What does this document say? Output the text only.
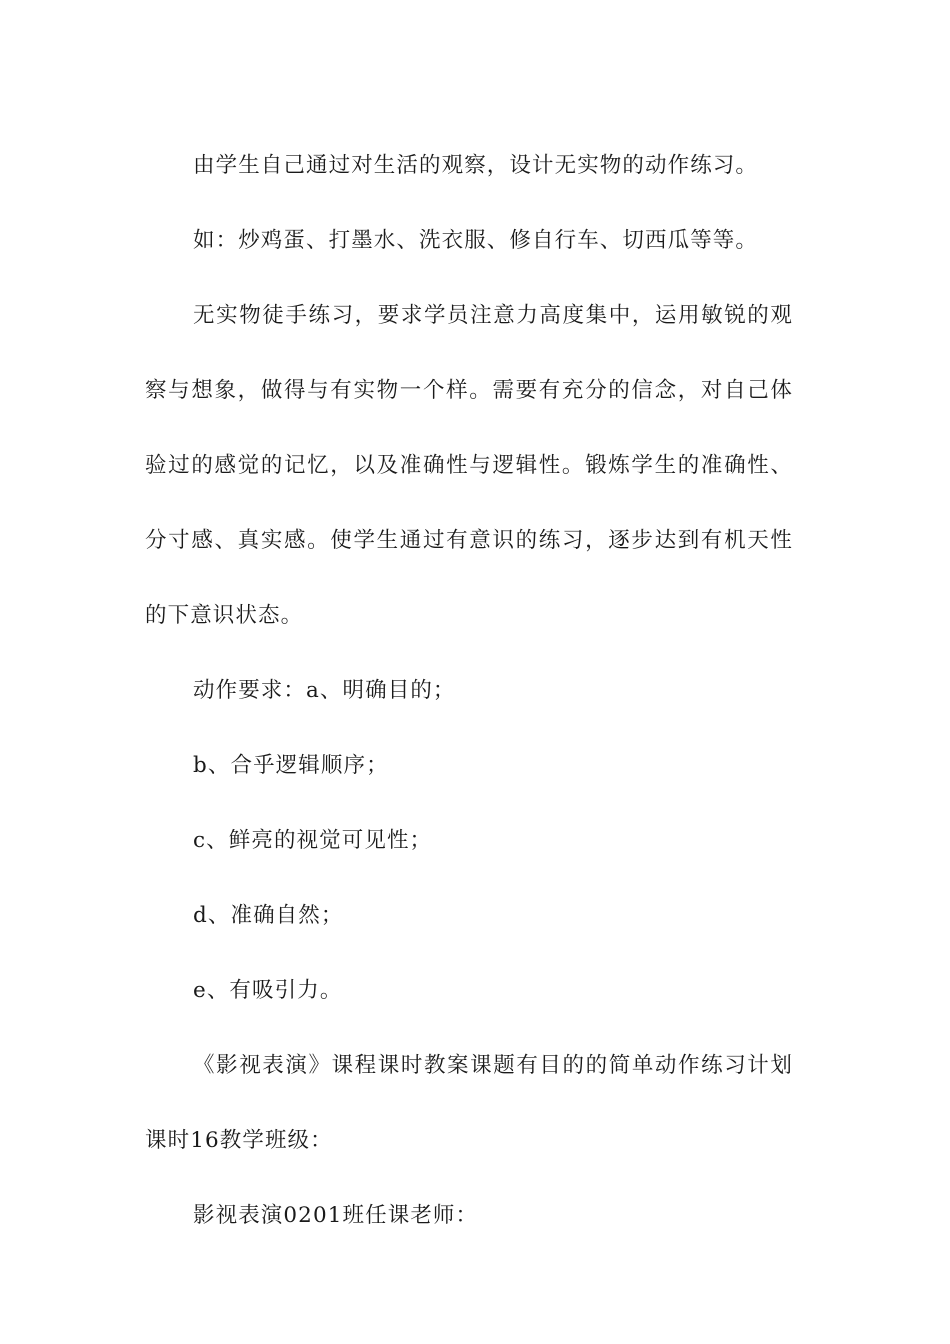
由学生自己通过对生活的观察，设计无实物的动作练习。

如：炒鸡蛋、打墨水、洗衣服、修自行车、切西瓜等等。

无实物徒手练习，要求学员注意力高度集中，运用敏锐的观察与想象，做得与有实物一个样。需要有充分的信念，对自己体验过的感觉的记忆，以及准确性与逻辑性。锻炼学生的准确性、分寸感、真实感。使学生通过有意识的练习，逐步达到有机天性的下意识状态。

动作要求：a、明确目的；

b、合乎逻辑顺序；

c、鲜亮的视觉可见性；

d、准确自然；

e、有吸引力。

《影视表演》课程课时教案课题有目的的简单动作练习计划课时16教学班级：

影视表演0201班任课老师：
